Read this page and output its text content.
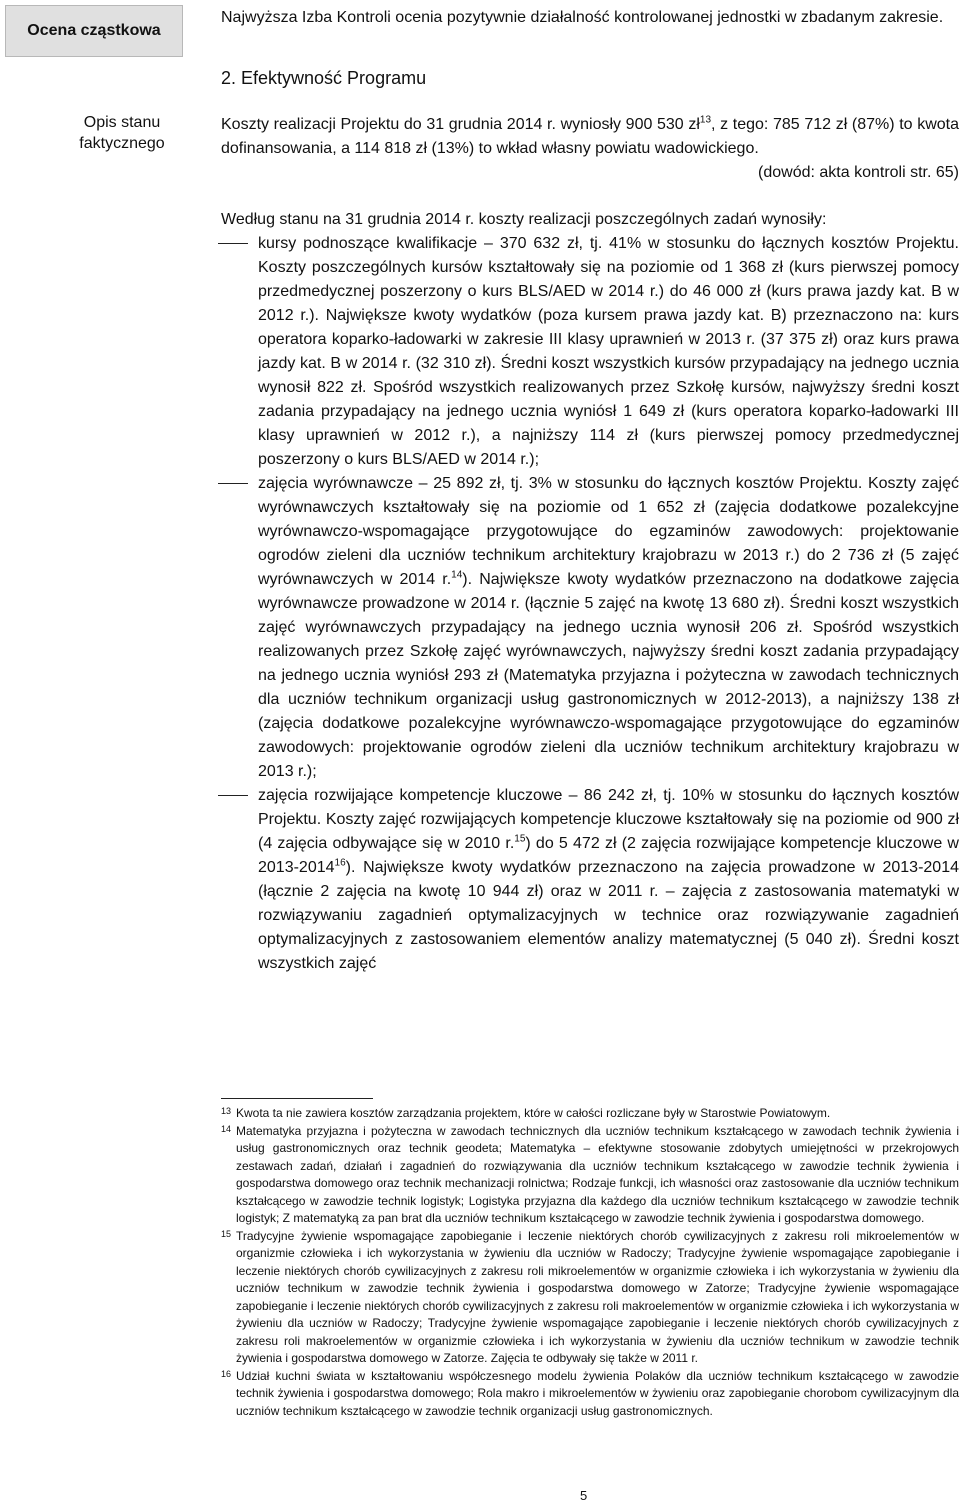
Ocena cząstkowa
Opis stanu faktycznego

Najwyższa Izba Kontroli ocenia pozytywnie działalność kontrolowanej jednostki w zbadanym zakresie.

2. Efektywność Programu

Koszty realizacji Projektu do 31 grudnia 2014 r. wyniosły 900 530 $zł^{13}$, z tego: 785 712 zł (87%) to kwota dofinansowania, a 114 818 zł (13%) to wkład własny powiatu wadowickiego.

(dowód: akta kontroli str. 65)

Według stanu na 31 grudnia 2014 r. koszty realizacji poszczególnych zadań wynosiły:

kursy podnoszące kwalifikacje – 370 632 zł, tj. 41% w stosunku do łącznych kosztów Projektu. Koszty poszczególnych kursów kształtowały się na poziomie od 1 368 zł (kurs pierwszej pomocy przedmedycznej poszerzony o kurs BLS/AED w 2014 r.) do 46 000 zł (kurs prawa jazdy kat. B w 2012 r.). Największe kwoty wydatków (poza kursem prawa jazdy kat. B) przeznaczono na: kurs operatora koparko-ładowarki w zakresie III klasy uprawnień w 2013 r. (37 375 zł) oraz kurs prawa jazdy kat. B w 2014 r. (32 310 zł). Średni koszt wszystkich kursów przypadający na jednego ucznia wynosił 822 zł. Spośród wszystkich realizowanych przez Szkołę kursów, najwyższy średni koszt zadania przypadający na jednego ucznia wyniósł 1 649 zł (kurs operatora koparko-ładowarki III klasy uprawnień w 2012 r.), a najniższy 114 zł (kurs pierwszej pomocy przedmedycznej poszerzony o kurs BLS/AED w 2014 r.);

zajęcia wyrównawcze – 25 892 zł, tj. 3% w stosunku do łącznych kosztów Projektu. Koszty zajęć wyrównawczych kształtowały się na poziomie od 1 652 zł (zajęcia dodatkowe pozalekcyjne wyrównawczo-wspomagające przygotowujące do egzaminów zawodowych: projektowanie ogrodów zieleni dla uczniów technikum architektury krajobrazu w 2013 r.) do 2 736 zł (5 zajęć wyrównawczych w 2014 r.$^{14}$). Największe kwoty wydatków przeznaczono na dodatkowe zajęcia wyrównawcze prowadzone w 2014 r. (łącznie 5 zajęć na kwotę 13 680 zł). Średni koszt wszystkich zajęć wyrównawczych przypadający na jednego ucznia wynosił 206 zł. Spośród wszystkich realizowanych przez Szkołę zajęć wyrównawczych, najwyższy średni koszt zadania przypadający na jednego ucznia wyniósł 293 zł (Matematyka przyjazna i pożyteczna w zawodach technicznych dla uczniów technikum organizacji usług gastronomicznych w 2012-2013), a najniższy 138 zł (zajęcia dodatkowe pozalekcyjne wyrównawczo-wspomagające przygotowujące do egzaminów zawodowych: projektowanie ogrodów zieleni dla uczniów technikum architektury krajobrazu w 2013 r.);

zajęcia rozwijające kompetencje kluczowe – 86 242 zł, tj. 10% w stosunku do łącznych kosztów Projektu. Koszty zajęć rozwijających kompetencje kluczowe kształtowały się na poziomie od 900 zł (4 zajęcia odbywające się w 2010 r.$^{15}$) do 5 472 zł (2 zajęcia rozwijające kompetencje kluczowe w 2013-2014$^{16}$). Największe kwoty wydatków przeznaczono na zajęcia prowadzone w 2013-2014 (łącznie 2 zajęcia na kwotę 10 944 zł) oraz w 2011 r. – zajęcia z zastosowania matematyki w rozwiązywaniu zagadnień optymalizacyjnych w technice oraz rozwiązywanie zagadnień optymalizacyjnych z zastosowaniem elementów analizy matematycznej (5 040 zł). Średni koszt wszystkich zajęć

13 Kwota ta nie zawiera kosztów zarządzania projektem, które w całości rozliczane były w Starostwie Powiatowym.

14 Matematyka przyjazna i pożyteczna w zawodach technicznych dla uczniów technikum kształcącego w zawodach technik żywienia i usług gastronomicznych oraz technik geodeta; Matematyka – efektywne stosowanie zdobytych umiejętności w przekrojowych zestawach zadań, działań i zagadnień do rozwiązywania dla uczniów technikum kształcącego w zawodzie technik żywienia i gospodarstwa domowego oraz technik mechanizacji rolnictwa; Rodzaje funkcji, ich własności oraz zastosowanie dla uczniów technikum kształcącego w zawodzie technik logistyk; Logistyka przyjazna dla każdego dla uczniów technikum kształcącego w zawodzie technik logistyk; Z matematyką za pan brat dla uczniów technikum kształcącego w zawodzie technik żywienia i gospodarstwa domowego.

15 Tradycyjne żywienie wspomagające zapobieganie i leczenie niektórych chorób cywilizacyjnych z zakresu roli mikroelementów w organizmie człowieka i ich wykorzystania w żywieniu dla uczniów w Radoczy; Tradycyjne żywienie wspomagające zapobieganie i leczenie niektórych chorób cywilizacyjnych z zakresu roli mikroelementów w organizmie człowieka i ich wykorzystania w żywieniu dla uczniów technikum w zawodzie technik żywienia i gospodarstwa domowego w Zatorze; Tradycyjne żywienie wspomagające zapobieganie i leczenie niektórych chorób cywilizacyjnych z zakresu roli makroelementów w organizmie człowieka i ich wykorzystania w żywieniu dla uczniów w Radoczy; Tradycyjne żywienie wspomagające zapobieganie i leczenie niektórych chorób cywilizacyjnych z zakresu roli makroelementów w organizmie człowieka i ich wykorzystania w żywieniu dla uczniów technikum w zawodzie technik żywienia i gospodarstwa domowego w Zatorze. Zajęcia te odbywały się także w 2011 r.

16 Udział kuchni świata w kształtowaniu współczesnego modelu żywienia Polaków dla uczniów technikum kształcącego w zawodzie technik żywienia i gospodarstwa domowego; Rola makro i mikroelementów w żywieniu oraz zapobieganie chorobom cywilizacyjnym dla uczniów technikum kształcącego w zawodzie technik organizacji usług gastronomicznych.

5
